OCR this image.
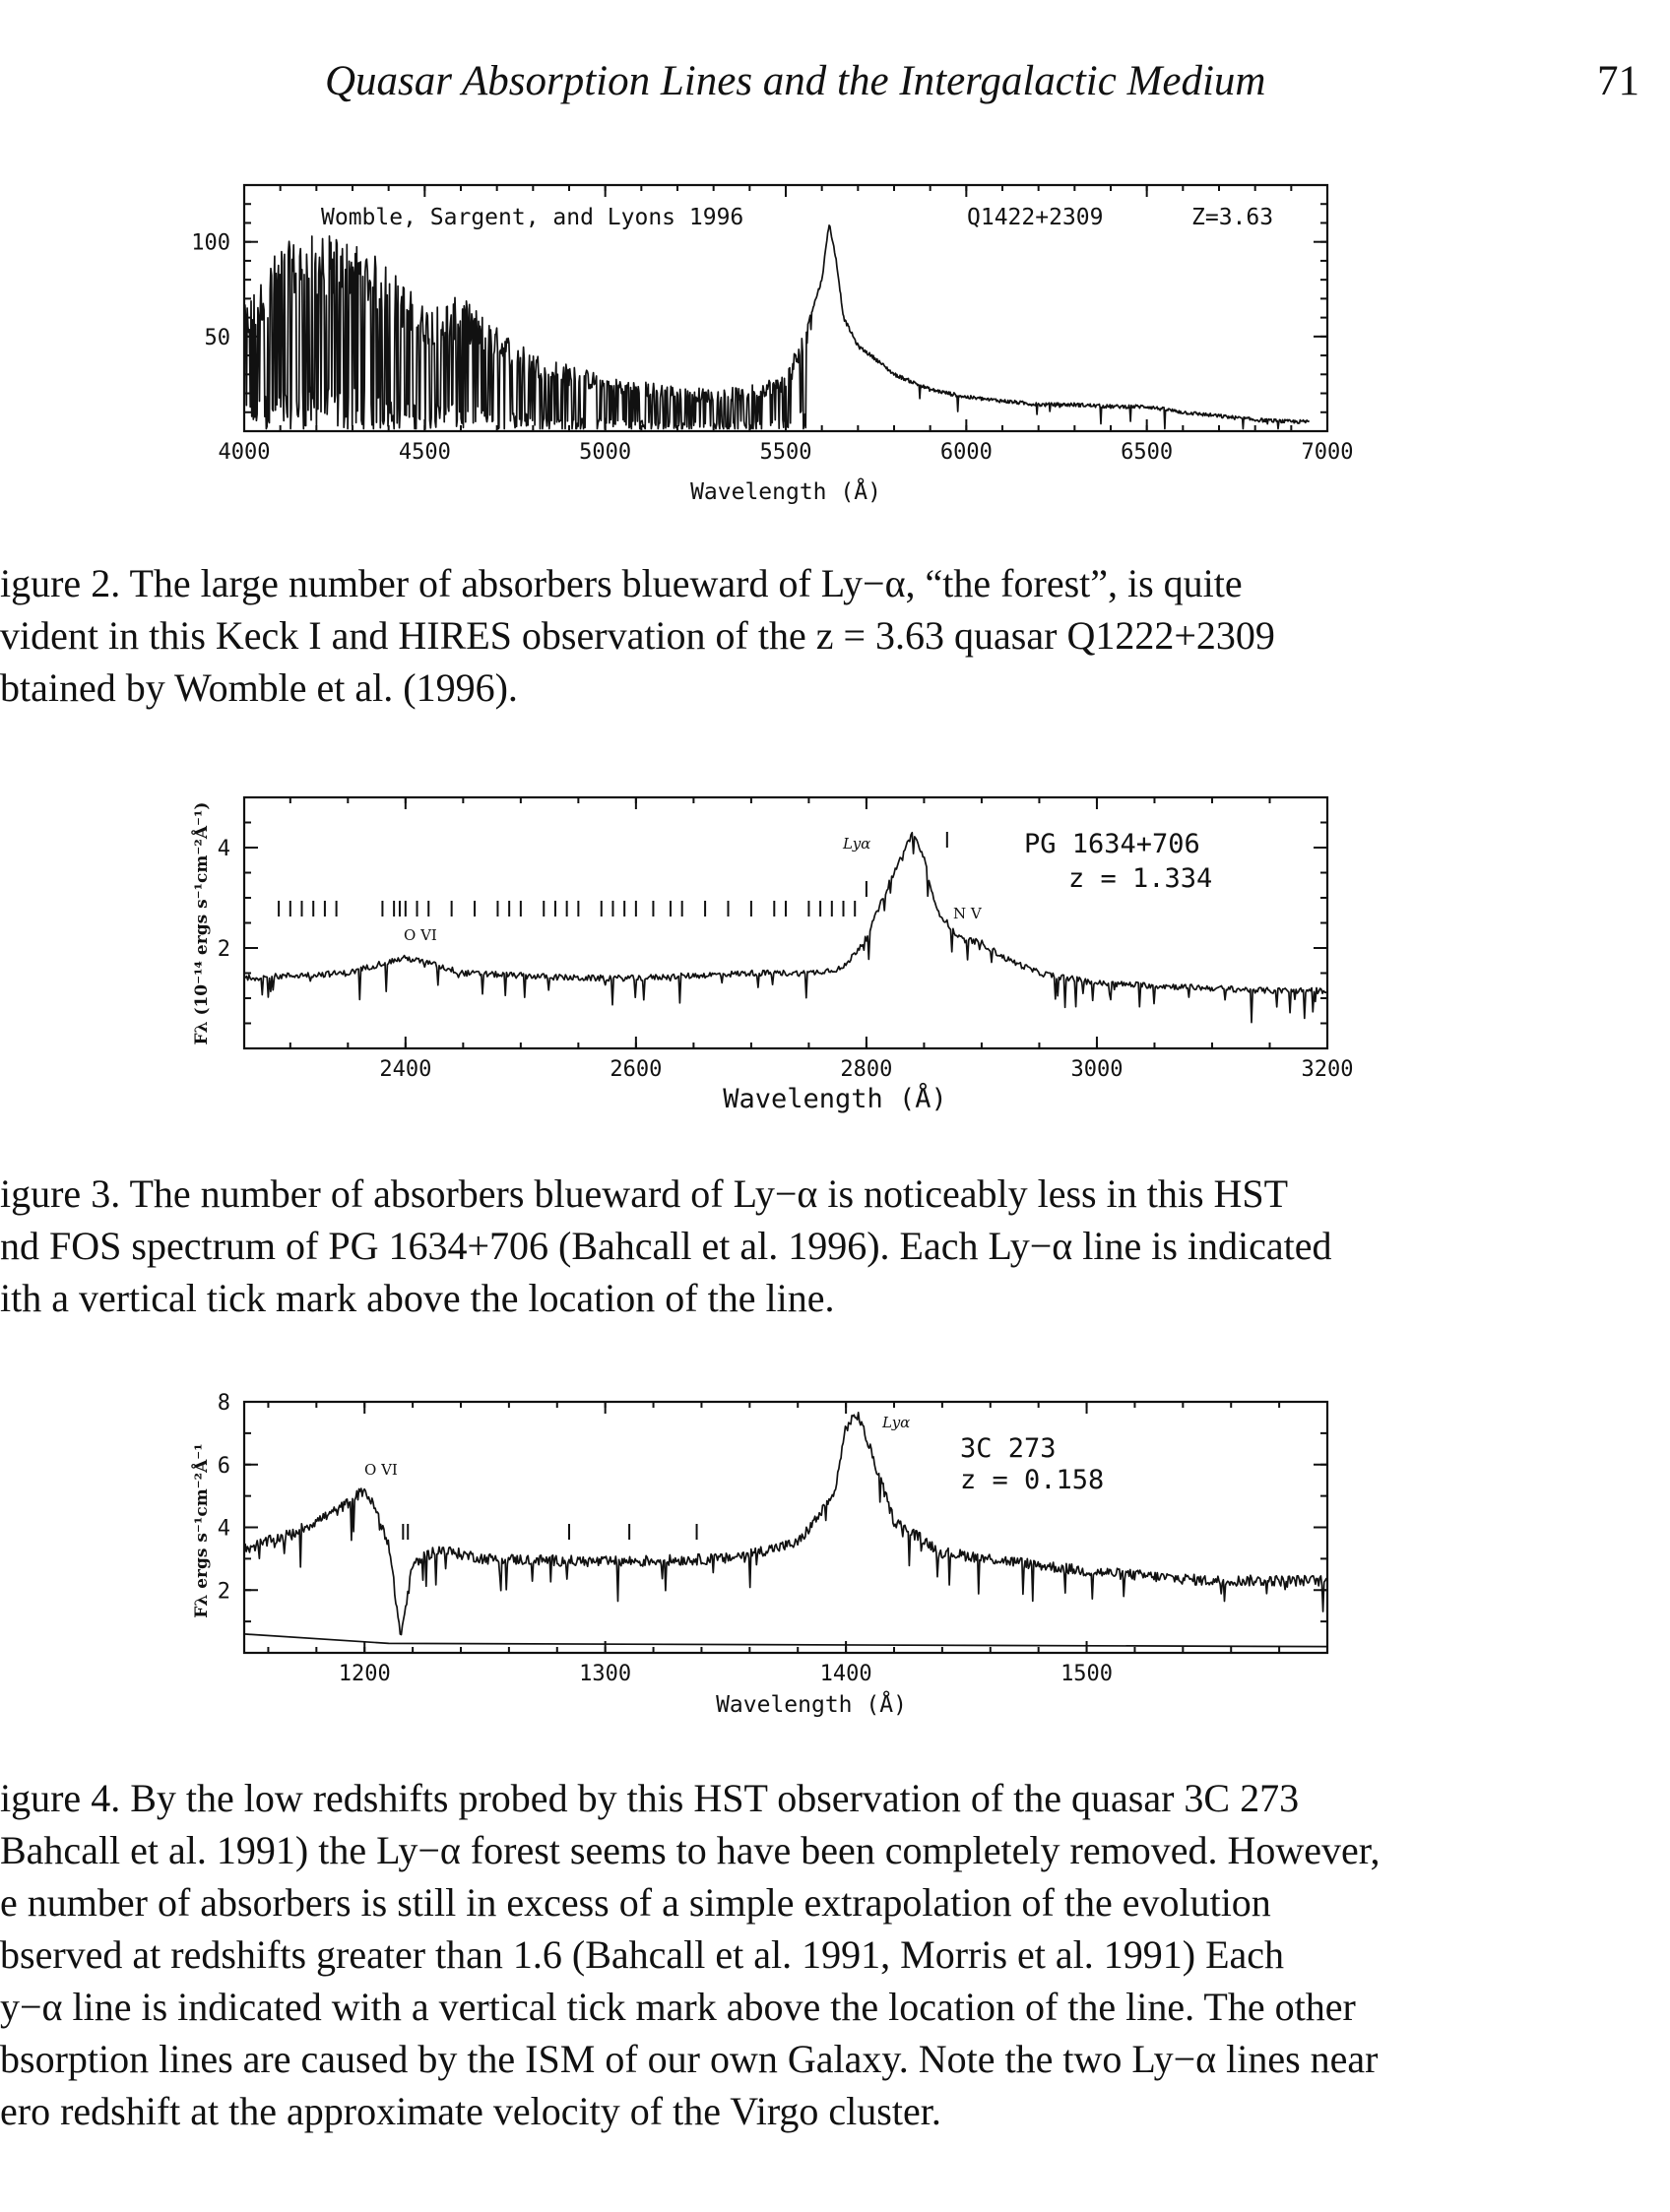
Quasar Absorption Lines and the Intergalactic Medium	71
4000	4500	5000	5500	6000	6500	7000
50
100
Womble, Sargent, and Lyons 1996	Q1422+2309	Z=3.63
Wavelength (Å)
igure 2. The large number of absorbers blueward of Ly−α, “the forest”, is quite
vident in this Keck I and HIRES observation of the z = 3.63 quasar Q1222+2309
btained by Womble et al. (1996).
2400	2600	2800	3000	3200
2
4	PG 1634+706
z = 1.334
Lyα
N V
O VI
Fλ (10⁻¹⁴ ergs s⁻¹cm⁻²Å⁻¹)
Wavelength (Å)
igure 3. The number of absorbers blueward of Ly−α is noticeably less in this HST
nd FOS spectrum of PG 1634+706 (Bahcall et al. 1996). Each Ly−α line is indicated
ith a vertical tick mark above the location of the line.
1200	1300	1400	1500
2
4
6
8
3C 273
z = 0.158
Lyα
O VI
Fλ ergs s⁻¹cm⁻²Å⁻¹
Wavelength (Å)
igure 4. By the low redshifts probed by this HST observation of the quasar 3C 273
Bahcall et al. 1991) the Ly−α forest seems to have been completely removed. However,
e number of absorbers is still in excess of a simple extrapolation of the evolution
bserved at redshifts greater than 1.6 (Bahcall et al. 1991, Morris et al. 1991) Each
y−α line is indicated with a vertical tick mark above the location of the line. The other
bsorption lines are caused by the ISM of our own Galaxy. Note the two Ly−α lines near
ero redshift at the approximate velocity of the Virgo cluster.
